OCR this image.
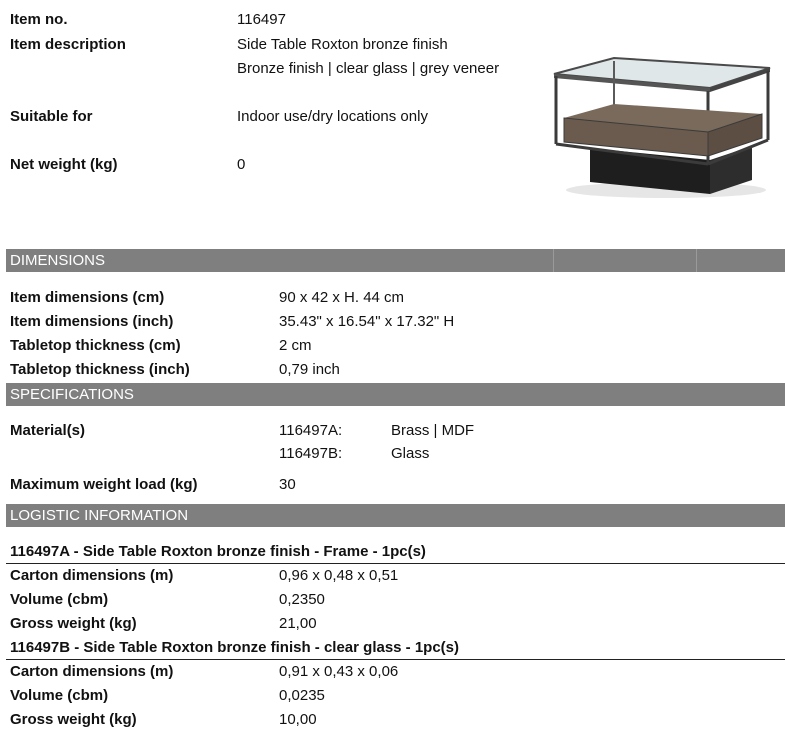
Item no.	116497
Item description	Side Table Roxton bronze finish
Bronze finish | clear glass | grey veneer
Suitable for	Indoor use/dry locations only
Net weight (kg)	0
DIMENSIONS
Item dimensions (cm)	90 x 42 x H. 44 cm
Item dimensions (inch)	35.43" x 16.54" x 17.32" H
Tabletop thickness (cm)	2 cm
Tabletop thickness (inch)	0,79 inch
SPECIFICATIONS
Material(s)	116497A:	Brass | MDF
116497B:	Glass
Maximum weight load (kg)	30
LOGISTIC INFORMATION
116497A - Side Table Roxton bronze finish - Frame - 1pc(s)
Carton dimensions (m)	0,96 x 0,48 x 0,51
Volume (cbm)	0,2350
Gross weight (kg)	21,00
116497B - Side Table Roxton bronze finish - clear glass - 1pc(s)
Carton dimensions (m)	0,91 x 0,43 x 0,06
Volume (cbm)	0,0235
Gross weight (kg)	10,00
